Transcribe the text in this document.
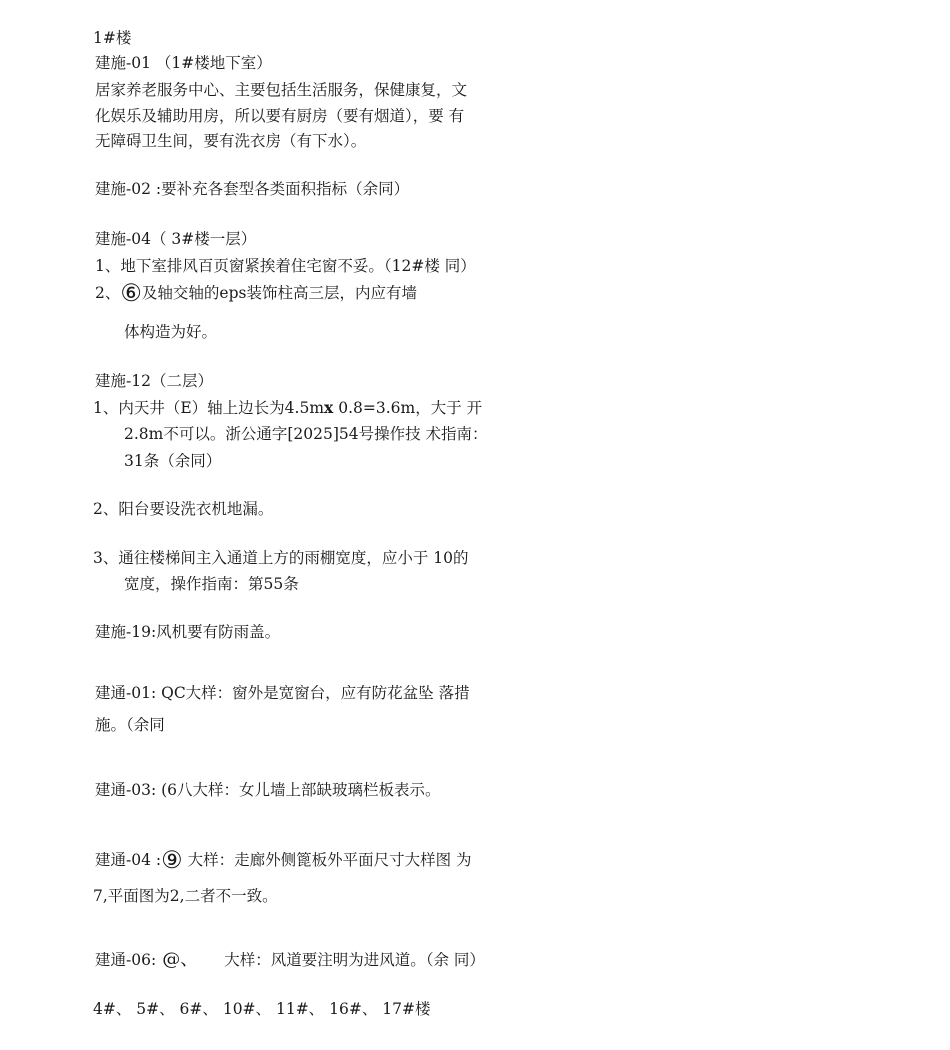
1#楼
建施-01 （1#楼地下室）
居家养老服务中心、主要包括生活服务，保健康复，文
化娱乐及辅助用房，所以要有厨房（要有烟道），要 有
无障碍卫生间，要有洗衣房（有下水）。
建施-02 :要补充各套型各类面积指标（余同）
建施-04（ 3#楼一层）
1、地下室排风百页窗紧挨着住宅窗不妥。（12#楼 同）
2、⑥及轴交轴的eps装饰柱高三层，内应有墙
体构造为好。
建施-12（二层）
1、内天井（E）轴上边长为4.5mx 0.8=3.6m，大于 开
2.8m不可以。浙公通字[2025]54号操作技 术指南：
31条（余同）
2、阳台要设洗衣机地漏。
3、通往楼梯间主入通道上方的雨棚宽度，应小于 10的
宽度，操作指南：第55条
建施-19:风机要有防雨盖。
建通-01: QC大样：窗外是宽窗台，应有防花盆坠 落措
施。（余同
建通-03: (6八大样：女儿墙上部缺玻璃栏板表示。
建通-04 :⑨ 大样：走廊外侧篦板外平面尺寸大样图 为
7,平面图为2,二者不一致。
建通-06: @、 大样：风道要注明为进风道。（余 同）
4#、 5#、 6#、 10#、 11#、 16#、 17#楼
